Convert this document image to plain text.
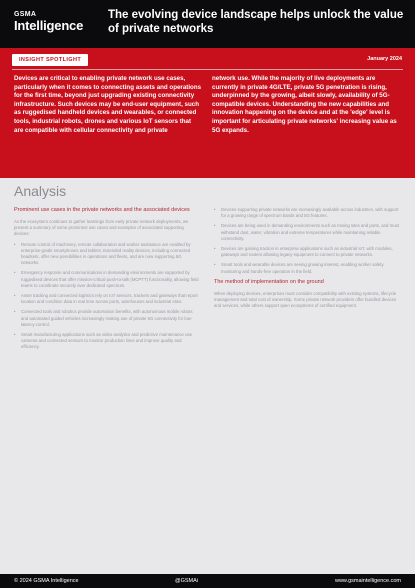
GSMA
Intelligence
The evolving device landscape helps unlock the value of private networks
INSIGHT SPOTLIGHT	January 2024
Devices are critical to enabling private network use cases, particularly when it comes to connecting assets and operations for the first time, beyond just upgrading existing connectivity infrastructure. Such devices may be end-user equipment, such as ruggedised handheld devices and wearables, or connected tools, industrial robots, drones and various IoT sensors that are compatible with cellular connectivity and private
network use. While the majority of live deployments are currently in private 4G/LTE, private 5G penetration is rising, underpinned by the growing, albeit slowly, availability of 5G-compatible devices. Understanding the new capabilities and innovation happening on the device and at the 'edge' level is important for articulating private networks' increasing value as 5G expands.
Analysis
Prominent use cases in the private networks and the associated devices

As the ecosystem continues to gather learnings from early private network deployments, we present a summary of some prominent use cases and examples of associated supporting devices:

• Remote control of machinery, remote collaboration and worker assistance are enabled by enterprise-grade smartphones and tablets. Extended reality devices, including connected headsets, offer new possibilities in operations and fleets, and are now supporting 5G networks.
• Emergency response and communications in demanding environments are supported by ruggedised devices that offer mission-critical push-to-talk (MCPTT) functionality, allowing field teams to coordinate securely over dedicated spectrum.
• Asset tracking and connected logistics rely on IoT sensors, trackers and gateways that report location and condition data in real time across ports, warehouses and industrial sites.
• Connected tools and robotics provide automation benefits, with autonomous mobile robots and automated guided vehicles increasingly making use of private 5G connectivity for low-latency control.
• Smart manufacturing applications such as video analytics and predictive maintenance use cameras and connected sensors to monitor production lines and improve quality and efficiency.
• Devices supporting private networks are increasingly available across industries, with support for a growing range of spectrum bands and 5G features.
• Devices are being used in demanding environments such as mining sites and ports, and must withstand dust, water, vibration and extreme temperatures while maintaining reliable connectivity.
• Devices are gaining traction in enterprise applications such as industrial IoT, with modules, gateways and routers allowing legacy equipment to connect to private networks.
• Smart tools and wearable devices are seeing growing interest, enabling worker safety monitoring and hands-free operation in the field.
The method of implementation on the ground

When deploying devices, enterprises must consider compatibility with existing systems, lifecycle management and total cost of ownership. Some private network providers offer bundled devices and services, while others support open ecosystems of certified equipment.

© 2024 GSMA Intelligence	@GSMAi	www.gsmaintelligence.com
